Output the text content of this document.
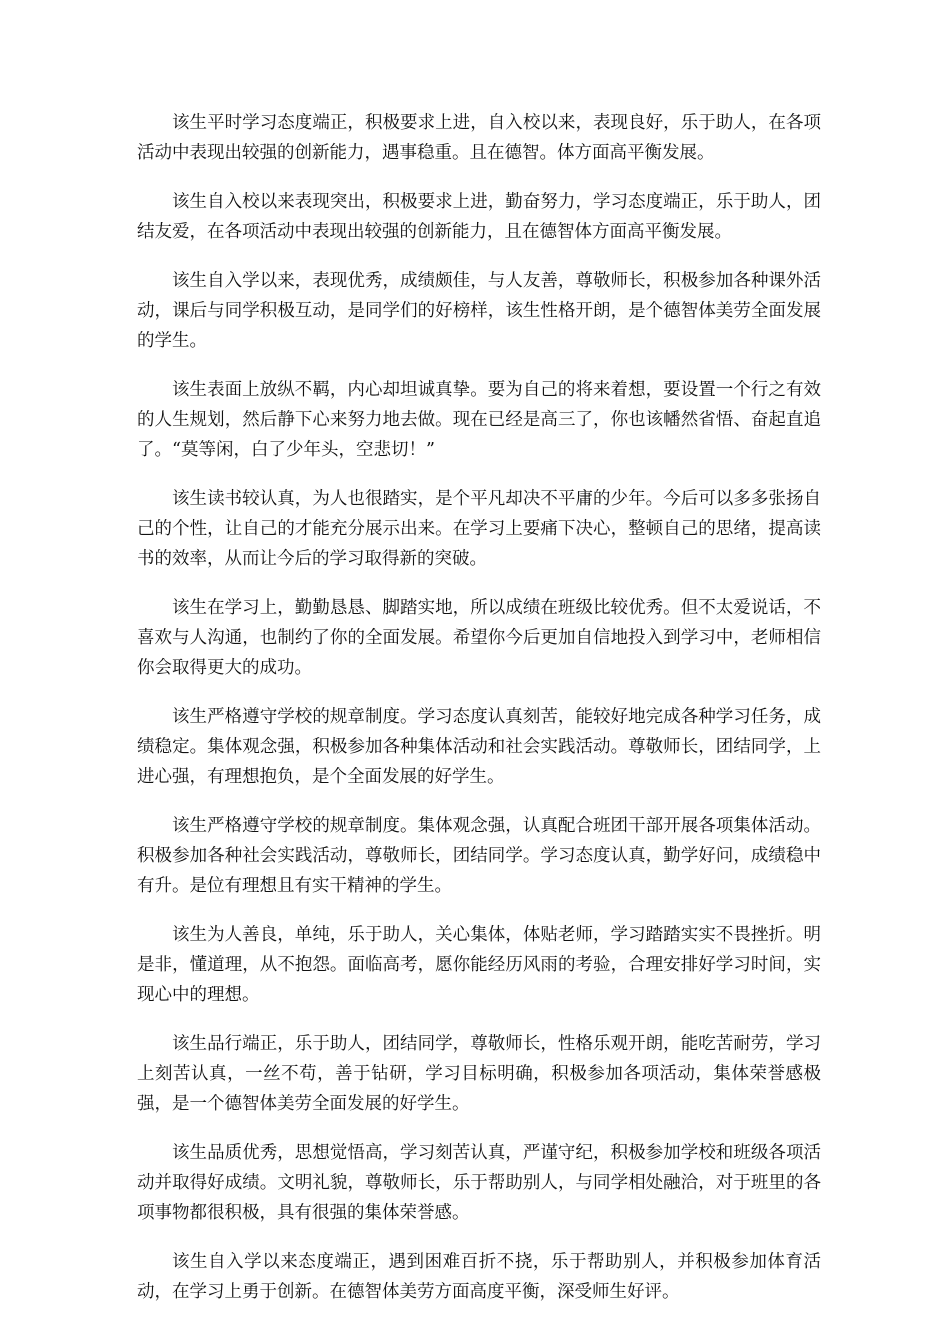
该生平时学习态度端正，积极要求上进，自入校以来，表现良好，乐于助人，在各项活动中表现出较强的创新能力，遇事稳重。且在德智。体方面高平衡发展。

该生自入校以来表现突出，积极要求上进，勤奋努力，学习态度端正，乐于助人，团结友爱，在各项活动中表现出较强的创新能力，且在德智体方面高平衡发展。

该生自入学以来，表现优秀，成绩颇佳，与人友善，尊敬师长，积极参加各种课外活动，课后与同学积极互动，是同学们的好榜样，该生性格开朗，是个德智体美劳全面发展的学生。

该生表面上放纵不羁，内心却坦诚真挚。要为自己的将来着想，要设置一个行之有效的人生规划，然后静下心来努力地去做。现在已经是高三了，你也该幡然省悟、奋起直追了。“莫等闲，白了少年头，空悲切！”

该生读书较认真，为人也很踏实，是个平凡却决不平庸的少年。今后可以多多张扬自己的个性，让自己的才能充分展示出来。在学习上要痛下决心，整顿自己的思绪，提高读书的效率，从而让今后的学习取得新的突破。

该生在学习上，勤勤恳恳、脚踏实地，所以成绩在班级比较优秀。但不太爱说话，不喜欢与人沟通，也制约了你的全面发展。希望你今后更加自信地投入到学习中，老师相信你会取得更大的成功。

该生严格遵守学校的规章制度。学习态度认真刻苦，能较好地完成各种学习任务，成绩稳定。集体观念强，积极参加各种集体活动和社会实践活动。尊敬师长，团结同学，上进心强，有理想抱负，是个全面发展的好学生。

该生严格遵守学校的规章制度。集体观念强，认真配合班团干部开展各项集体活动。积极参加各种社会实践活动，尊敬师长，团结同学。学习态度认真，勤学好问，成绩稳中有升。是位有理想且有实干精神的学生。

该生为人善良，单纯，乐于助人，关心集体，体贴老师，学习踏踏实实不畏挫折。明是非，懂道理，从不抱怨。面临高考，愿你能经历风雨的考验，合理安排好学习时间，实现心中的理想。

该生品行端正，乐于助人，团结同学，尊敬师长，性格乐观开朗，能吃苦耐劳，学习上刻苦认真，一丝不苟，善于钻研，学习目标明确，积极参加各项活动，集体荣誉感极强，是一个德智体美劳全面发展的好学生。

该生品质优秀，思想觉悟高，学习刻苦认真，严谨守纪，积极参加学校和班级各项活动并取得好成绩。文明礼貌，尊敬师长，乐于帮助别人，与同学相处融洽，对于班里的各项事物都很积极，具有很强的集体荣誉感。

该生自入学以来态度端正，遇到困难百折不挠，乐于帮助别人，并积极参加体育活动，在学习上勇于创新。在德智体美劳方面高度平衡，深受师生好评。
